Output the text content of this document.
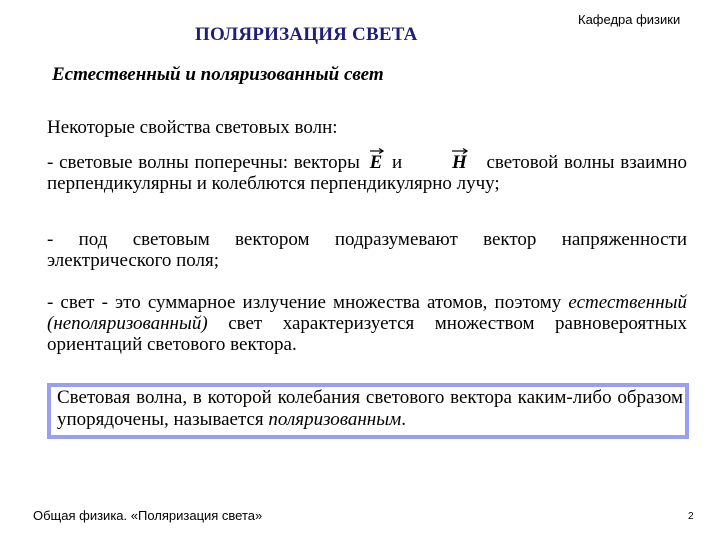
ПОЛЯРИЗАЦИЯ СВЕТА
Кафедра физики
Естественный и поляризованный свет
Некоторые свойства световых волн:
- световые волны поперечны: векторы E и	H световой волны взаимно перпендикулярны и колеблются перпендикулярно лучу;
- под световым вектором подразумевают вектор напряженности электрического поля;
- свет - это суммарное излучение множества атомов, поэтому естественный (неполяризованный) свет характеризуется множеством равновероятных ориентаций светового вектора.
Световая волна, в которой колебания светового вектора каким-либо образом упорядочены, называется поляризованным.
Общая физика. «Поляризация света»	2
